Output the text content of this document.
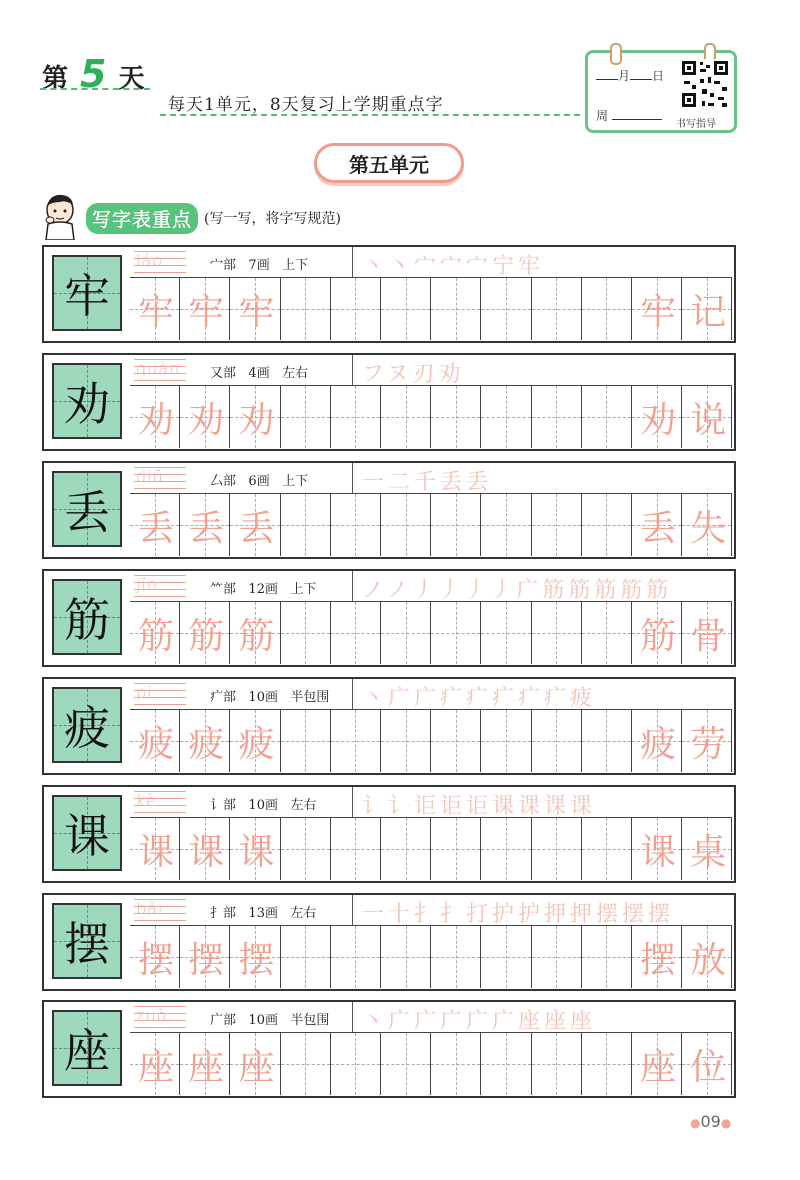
第 5 天
每天1单元，8天复习上学期重点字
月 日
周
书写指导
第五单元
写字表重点 (写一写，将字写规范)
牢
láo	宀部 7画 上下 丶丶宀宀宀宁牢
牢 牢 牢	牢 记
劝
quàn 又部 4画 左右 フヌ刃劝
劝 劝 劝	劝 说
丢
diū	厶部 6画 上下 一二千丢丢
丢 丢 丢	丢 失
筋
jīn	⺮部 12画 上下 ノノ丿丿丿丿广筋筋筋筋筋
筋 筋 筋	筋 骨
疲
pí	疒部 10画 半包围 丶广广疒疒疒疒疒疲
疲 疲 疲	疲 劳
课
kè	讠部 10画 左右 讠讠讵讵讵课课课课
课 课 课	课 桌
摆
bǎi	扌部 13画 左右 一十扌扌打护护押押摆摆摆
摆 摆 摆	摆 放
座
zuò	广部 10画 半包围 丶广广广广广座座座
座 座 座	座 位
●09●
